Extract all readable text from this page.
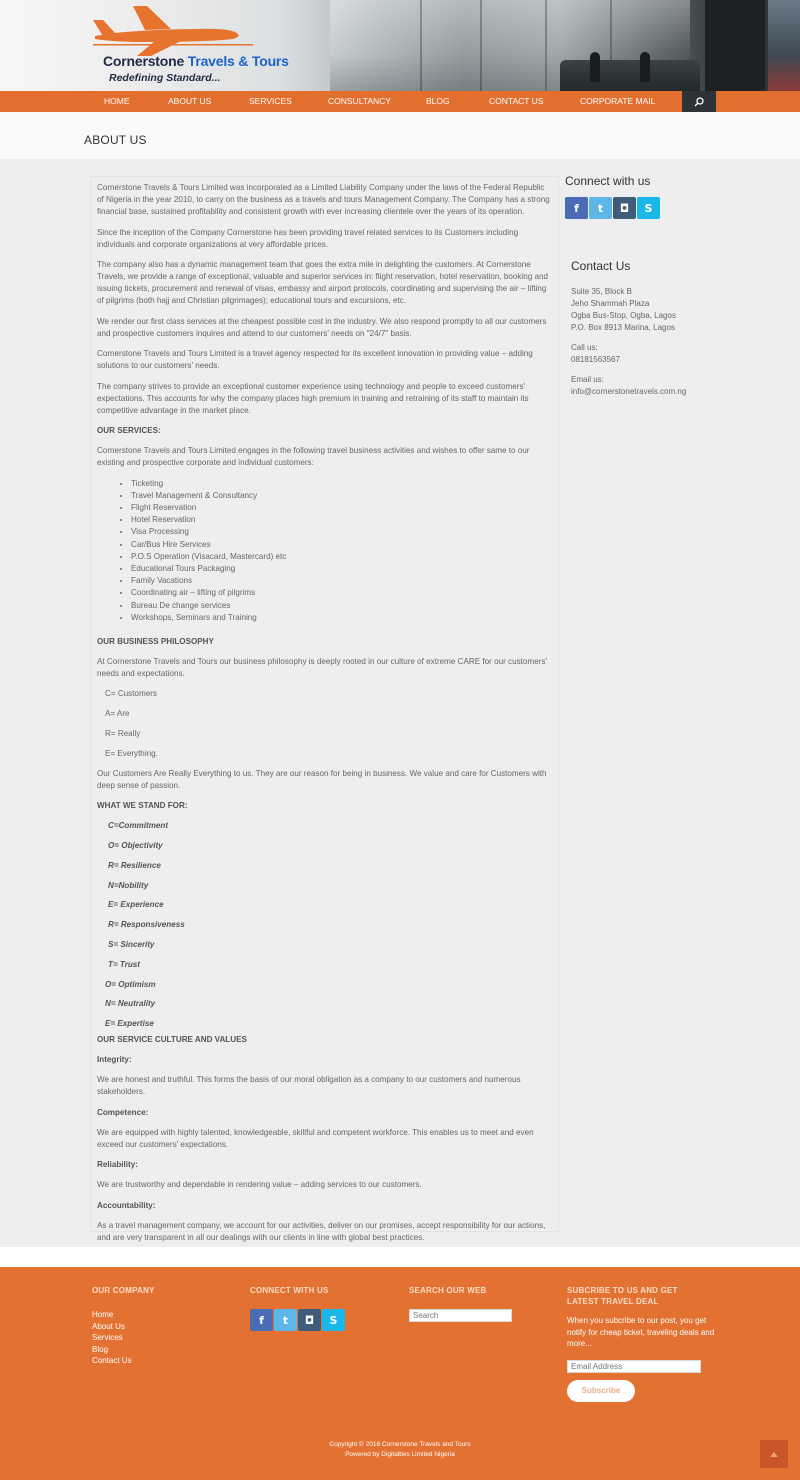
Cornerstone Travels & Tours
Redefining Standard...
HOME	ABOUT US	SERVICES	CONSULTANCY	BLOG	CONTACT US	CORPORATE MAIL
ABOUT US

Cornerstone Travels & Tours Limited was incorporated as a Limited Liability Company under the laws of the Federal Republic of Nigeria in the year 2010, to carry on the business as a travels and tours Management Company. The Company has a strong financial base, sustained profitability and consistent growth with ever increasing clientele over the years of its operation.

Since the inception of the Company Cornerstone has been providing travel related services to its Customers including individuals and corporate organizations at very affordable prices.

The company also has a dynamic management team that goes the extra mile in delighting the customers. At Cornerstone Travels, we provide a range of exceptional, valuable and superior services in: flight reservation, hotel reservation, booking and issuing tickets, procurement and renewal of visas, embassy and airport protocols, coordinating and supervising the air – lifting of pilgrims (both hajj and Christian pilgrimages); educational tours and excursions, etc.

We render our first class services at the cheapest possible cost in the industry. We also respond promptly to all our customers and prospective customers inquires and attend to our customers' needs on "24/7" basis.

Cornerstone Travels and Tours Limited is a travel agency respected for its excellent innovation in providing value – adding solutions to our customers' needs.

The company strives to provide an exceptional customer experience using technology and people to exceed customers' expectations. This accounts for why the company places high premium in training and retraining of its staff to maintain its competitive advantage in the market place.

OUR SERVICES:

Cornerstone Travels and Tours Limited engages in the following travel business activities and wishes to offer same to our existing and prospective corporate and individual customers:

• Ticketing
• Travel Management & Consultancy
• Flight Reservation
• Hotel Reservation
• Visa Processing
• Car/Bus Hire Services
• P.O.S Operation (Visacard, Mastercard) etc
• Educational Tours Packaging
• Family Vacations
• Coordinating air – lifting of pilgrims
• Bureau De change services
• Workshops, Seminars and Training
OUR BUSINESS PHILOSOPHY

At Cornerstone Travels and Tours our business philosophy is deeply rooted in our culture of extreme CARE for our customers' needs and expectations.

C= Customers

A= Are

R= Really

E= Everything.

Our Customers Are Really Everything to us. They are our reason for being in business. We value and care for Customers with deep sense of passion.

WHAT WE STAND FOR:

C=Commitment

O= Objectivity

R= Resilience

N=Nobility

E= Experience

R= Responsiveness

S= Sincerity

T= Trust

O= Optimism

N= Neutrality

E= Expertise

OUR SERVICE CULTURE AND VALUES
Integrity:

We are honest and truthful. This forms the basis of our moral obligation as a company to our customers and numerous stakeholders.

Competence:

We are equipped with highly talented, knowledgeable, skillful and competent workforce. This enables us to meet and even exceed our customers' expectations.

Reliability:

We are trustworthy and dependable in rendering value – adding services to our customers.

Accountability:

As a travel management company, we account for our activities, deliver on our promises, accept responsibility for our actions, and are very transparent in all our dealings with our clients in line with global best practices.

Connect with us
f	t	◘	S
Contact Us
Suite 35, Block B
Jeho Shammah Plaza
Ogba Bus-Stop, Ogba, Lagos
P.O. Box 8913 Marina, Lagos
Call us:
08181563567
Email us:
info@cornerstonetravels.com.ng
OUR COMPANY
Home
About Us
Services
Blog
Contact Us
CONNECT WITH US
f	t	◘	S
SEARCH OUR WEB
Search	SUBCRIBE TO US AND GET
LATEST TRAVEL DEAL
When you subcribe to our post, you get notify for cheap ticket, traveling deals and more...
Email Address Subscribe
Copyright © 2016 Cornerstone Travels and Tours
Powered by Digitalbes Limited Nigeria
